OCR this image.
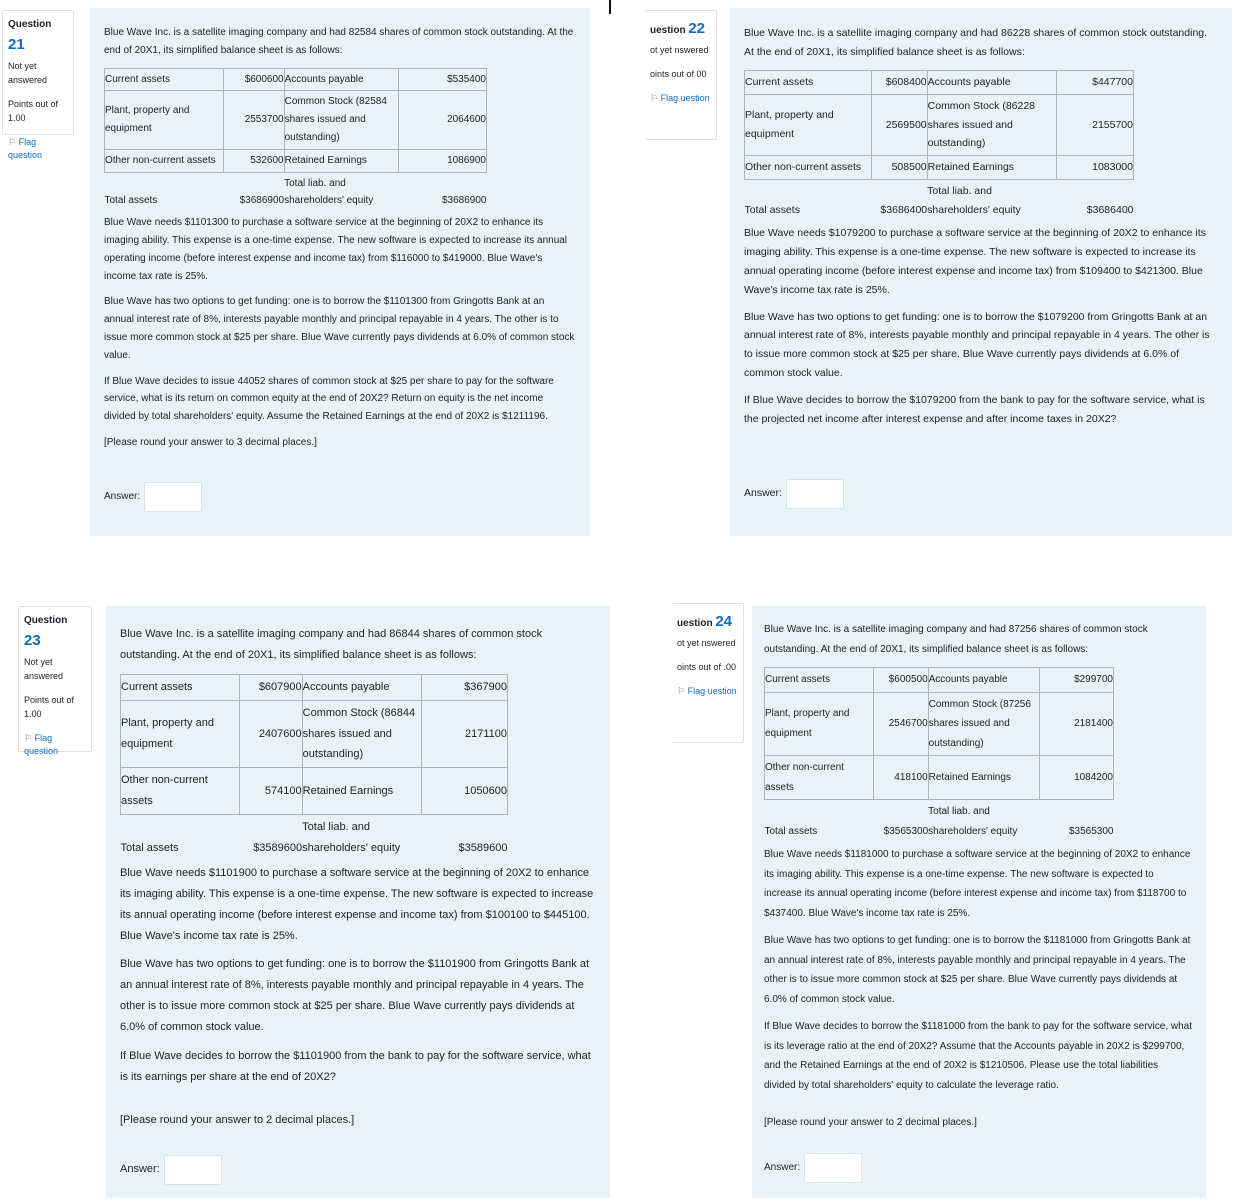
Question 21
Not yet answered
Points out of 1.00
⚐ Flag question

Blue Wave Inc. is a satellite imaging company and had 82584 shares of common stock outstanding. At the end of 20X1, its simplified balance sheet is as follows:

Current assets	$600600	Accounts payable	$535400
Plant, property and equipment	2553700	Common Stock (82584 shares issued and outstanding)	2064600
Other non-current assets	532600	Retained Earnings	1086900
Total assets	$3686900	Total liab. and shareholders' equity	$3686900

Blue Wave needs $1101300 to purchase a software service at the beginning of 20X2 to enhance its imaging ability. This expense is a one-time expense. The new software is expected to increase its annual operating income (before interest expense and income tax) from $116000 to $419000. Blue Wave's income tax rate is 25%.

Blue Wave has two options to get funding: one is to borrow the $1101300 from Gringotts Bank at an annual interest rate of 8%, interests payable monthly and principal repayable in 4 years. The other is to issue more common stock at $25 per share. Blue Wave currently pays dividends at 6.0% of common stock value.

If Blue Wave decides to issue 44052 shares of common stock at $25 per share to pay for the software service, what is its return on common equity at the end of 20X2? Return on equity is the net income divided by total shareholders' equity. Assume the Retained Earnings at the end of 20X2 is $1211196.

[Please round your answer to 3 decimal places.]

Answer:
uestion 22
ot yet nswered
oints out of 00
⚐ Flag uestion

Blue Wave Inc. is a satellite imaging company and had 86228 shares of common stock outstanding. At the end of 20X1, its simplified balance sheet is as follows:

Current assets	$608400	Accounts payable	$447700
Plant, property and equipment	2569500	Common Stock (86228 shares issued and outstanding)	2155700
Other non-current assets	508500	Retained Earnings	1083000
Total assets	$3686400	Total liab. and shareholders' equity	$3686400

Blue Wave needs $1079200 to purchase a software service at the beginning of 20X2 to enhance its imaging ability. This expense is a one-time expense. The new software is expected to increase its annual operating income (before interest expense and income tax) from $109400 to $421300. Blue Wave's income tax rate is 25%.

Blue Wave has two options to get funding: one is to borrow the $1079200 from Gringotts Bank at an annual interest rate of 8%, interests payable monthly and principal repayable in 4 years. The other is to issue more common stock at $25 per share. Blue Wave currently pays dividends at 6.0% of common stock value.

If Blue Wave decides to borrow the $1079200 from the bank to pay for the software service, what is the projected net income after interest expense and after income taxes in 20X2?

Answer:
Question 23
Not yet answered
Points out of 1.00
⚐ Flag question

Blue Wave Inc. is a satellite imaging company and had 86844 shares of common stock outstanding. At the end of 20X1, its simplified balance sheet is as follows:

Current assets	$607900	Accounts payable	$367900
Plant, property and equipment	2407600	Common Stock (86844 shares issued and outstanding)	2171100
Other non-current assets	574100	Retained Earnings	1050600
Total assets	$3589600	Total liab. and shareholders' equity	$3589600

Blue Wave needs $1101900 to purchase a software service at the beginning of 20X2 to enhance its imaging ability. This expense is a one-time expense. The new software is expected to increase its annual operating income (before interest expense and income tax) from $100100 to $445100. Blue Wave's income tax rate is 25%.

Blue Wave has two options to get funding: one is to borrow the $1101900 from Gringotts Bank at an annual interest rate of 8%, interests payable monthly and principal repayable in 4 years. The other is to issue more common stock at $25 per share. Blue Wave currently pays dividends at 6.0% of common stock value.

If Blue Wave decides to borrow the $1101900 from the bank to pay for the software service, what is its earnings per share at the end of 20X2?

[Please round your answer to 2 decimal places.]

Answer:
uestion 24
ot yet nswered
oints out of .00
⚐ Flag uestion

Blue Wave Inc. is a satellite imaging company and had 87256 shares of common stock outstanding. At the end of 20X1, its simplified balance sheet is as follows:

Current assets	$600500	Accounts payable	$299700
Plant, property and equipment	2546700	Common Stock (87256 shares issued and outstanding)	2181400
Other non-current assets	418100	Retained Earnings	1084200
Total assets	$3565300	Total liab. and shareholders' equity	$3565300

Blue Wave needs $1181000 to purchase a software service at the beginning of 20X2 to enhance its imaging ability. This expense is a one-time expense. The new software is expected to increase its annual operating income (before interest expense and income tax) from $118700 to $437400. Blue Wave's income tax rate is 25%.

Blue Wave has two options to get funding: one is to borrow the $1181000 from Gringotts Bank at an annual interest rate of 8%, interests payable monthly and principal repayable in 4 years. The other is to issue more common stock at $25 per share. Blue Wave currently pays dividends at 6.0% of common stock value.

If Blue Wave decides to borrow the $1181000 from the bank to pay for the software service, what is its leverage ratio at the end of 20X2? Assume that the Accounts payable in 20X2 is $299700, and the Retained Earnings at the end of 20X2 is $1210506. Please use the total liabilities divided by total shareholders' equity to calculate the leverage ratio.

[Please round your answer to 2 decimal places.]

Answer:
